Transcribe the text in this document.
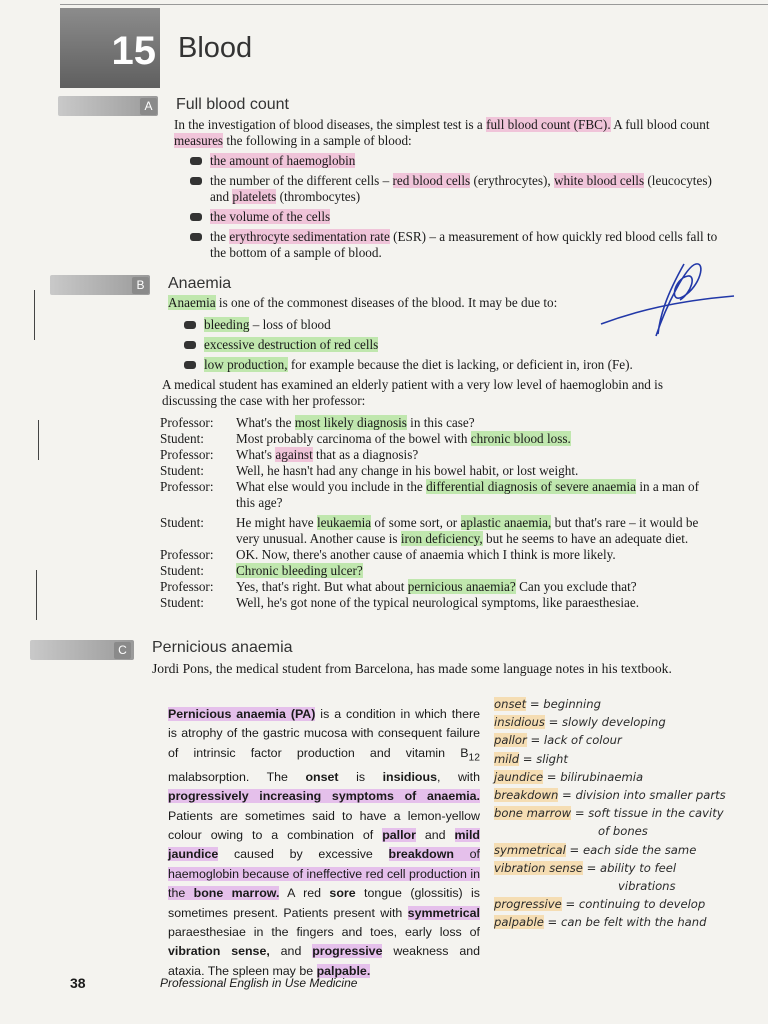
15 Blood
A Full blood count
In the investigation of blood diseases, the simplest test is a full blood count (FBC). A full blood count measures the following in a sample of blood:
the amount of haemoglobin
the number of the different cells – red blood cells (erythrocytes), white blood cells (leucocytes) and platelets (thrombocytes)
the volume of the cells
the erythrocyte sedimentation rate (ESR) – a measurement of how quickly red blood cells fall to the bottom of a sample of blood.
B Anaemia
Anaemia is one of the commonest diseases of the blood. It may be due to:
bleeding – loss of blood
excessive destruction of red cells
low production, for example because the diet is lacking, or deficient in, iron (Fe).
A medical student has examined an elderly patient with a very low level of haemoglobin and is discussing the case with her professor:
Professor:	What's the most likely diagnosis in this case?
Student:	Most probably carcinoma of the bowel with chronic blood loss.
Professor:	What's against that as a diagnosis?
Student:	Well, he hasn't had any change in his bowel habit, or lost weight.
Professor:	What else would you include in the differential diagnosis of severe anaemia in a man of this age?
Student:	He might have leukaemia of some sort, or aplastic anaemia, but that's rare – it would be very unusual. Another cause is iron deficiency, but he seems to have an adequate diet.
Professor:	OK. Now, there's another cause of anaemia which I think is more likely.
Student:	Chronic bleeding ulcer?
Professor:	Yes, that's right. But what about pernicious anaemia? Can you exclude that?
Student:	Well, he's got none of the typical neurological symptoms, like paraesthesiae.
C Pernicious anaemia
Jordi Pons, the medical student from Barcelona, has made some language notes in his textbook.
Pernicious anaemia (PA) is a condition in which there is atrophy of the gastric mucosa with consequent failure of intrinsic factor production and vitamin $B_{12}$ malabsorption. The onset is insidious, with progressively increasing symptoms of anaemia. Patients are sometimes said to have a lemon-yellow colour owing to a combination of pallor and mild jaundice caused by excessive breakdown of haemoglobin because of ineffective red cell production in the bone marrow. A red sore tongue (glossitis) is sometimes present. Patients present with symmetrical paraesthesiae in the fingers and toes, early loss of vibration sense, and progressive weakness and ataxia. The spleen may be palpable.
onset = beginning
insidious = slowly developing
pallor = lack of colour
mild = slight
jaundice = bilirubinaemia
breakdown = division into smaller parts
bone marrow = soft tissue in the cavity
of bones
symmetrical = each side the same
vibration sense = ability to feel
vibrations
progressive = continuing to develop
palpable = can be felt with the hand
38	Professional English in Use Medicine
